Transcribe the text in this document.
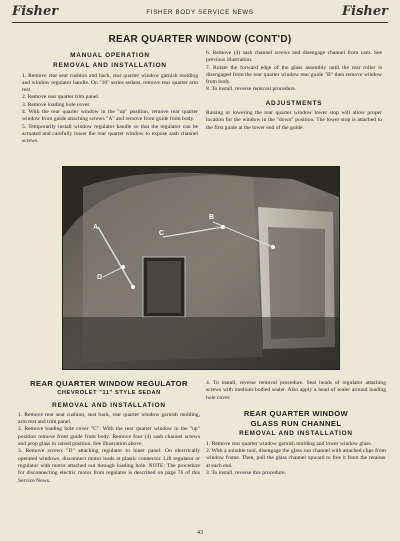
Fisher	FISHER BODY SERVICE NEWS	Fisher
REAR QUARTER WINDOW (CONT'D)
MANUAL OPERATION
REMOVAL AND INSTALLATION

1. Remove rear seat cushion and back, rear quarter window garnish molding and window regulator handle. On "10" series sedans, remove rear quarter arm rest.

2. Remove rear quarter trim panel.

3. Remove loading hole cover.

4. With the rear quarter window in the "up" position, remove rear quarter window front guide attaching screws "A" and remove front guide from body.

5. Temporarily install window regulator handle so that the regulator can be actuated and carefully lower the rear quarter window to expose sash channel screws.

6. Remove (4) sash channel screws and disengage channel from cam. See previous illustration.

7. Rotate the forward edge of the glass assembly until the rear roller is disengaged from the rear quarter window rear guide "B" then remove window from body.

8. To install, reverse removal procedure.

ADJUSTMENTS

Raising or lowering the rear quarter window lower stop will allow proper location for the window in the "down" position. The lower stop is attached to the first guide at the lower end of the guide.

A
B
C
D
REAR QUARTER WINDOW REGULATOR
CHEVROLET "11" STYLE SEDAN
REMOVAL AND INSTALLATION

1. Remove rear seat cushion, seat back, rear quarter window garnish molding, arm rest and trim panel.

2. Remove loading hole cover "C". With the rear quarter window in the "up" position remove front guide from body. Remove four (4) sash channel screws and prop glass in raised position. See illustration above.

3. Remove screws "D" attaching regulator to inner panel. On electrically operated windows, disconnect motor leads at plastic connector. Lift regulator or regulator with motor attached out through loading hole. NOTE: The procedure for disconnecting electric motor from regulator is described on page 76 of this Service News.

4. To install, reverse removal procedure. Seal heads of regulator attaching screws with medium-bodied sealer. Also apply a bead of sealer around loading hole cover.

REAR QUARTER WINDOW
GLASS RUN CHANNEL
REMOVAL AND INSTALLATION

1. Remove rear quarter window garnish molding and lower window glass.

2. With a suitable tool, disengage the glass run channel with attached clips from window frame. Then, pull the glass channel upward to free it from the retainer at each end.

3. To install, reverse this procedure.

43
